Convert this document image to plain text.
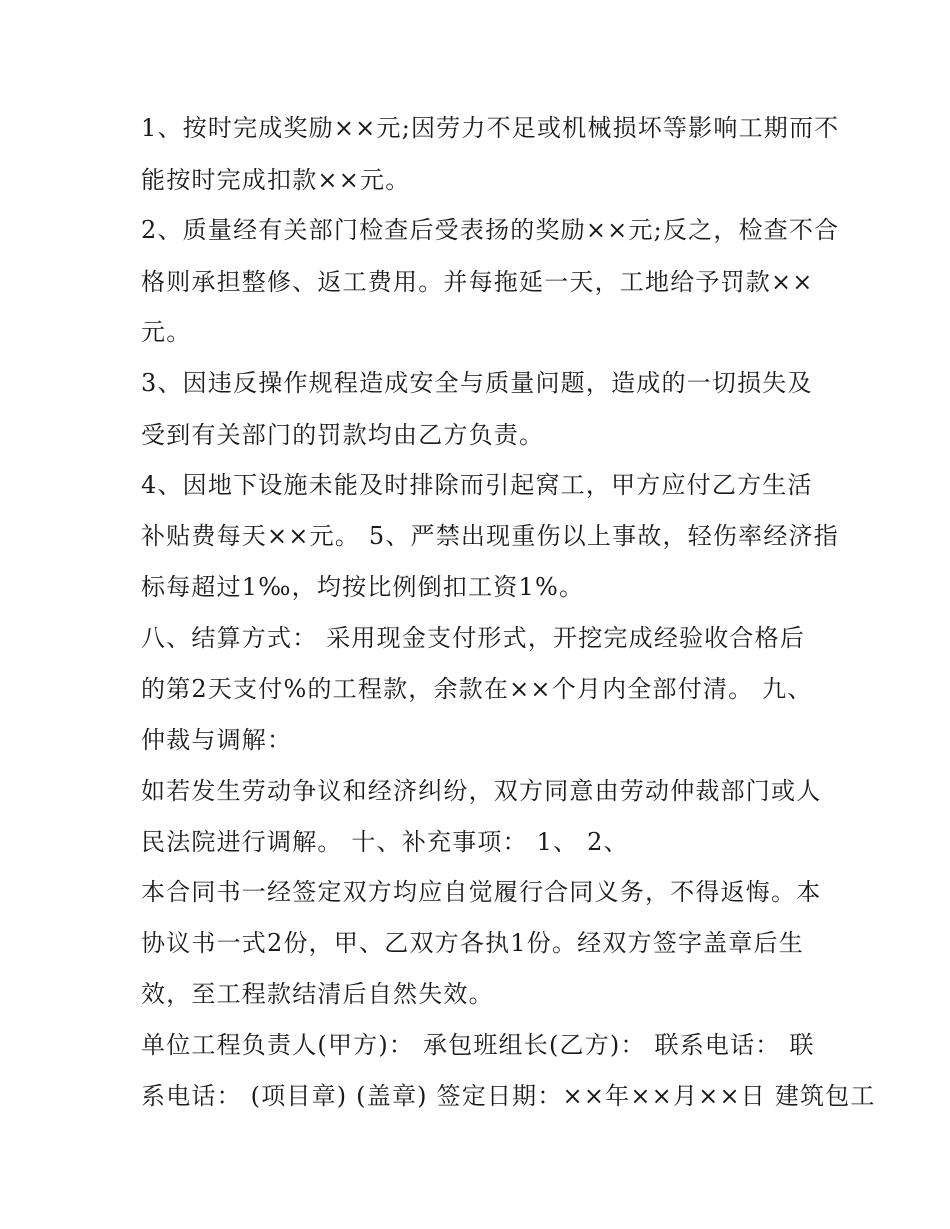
1、按时完成奖励××元;因劳力不足或机械损坏等影响工期而不

能按时完成扣款××元。

2、质量经有关部门检查后受表扬的奖励××元;反之，检查不合

格则承担整修、返工费用。并每拖延一天，工地给予罚款××

元。

3、因违反操作规程造成安全与质量问题，造成的一切损失及

受到有关部门的罚款均由乙方负责。

4、因地下设施未能及时排除而引起窝工，甲方应付乙方生活

补贴费每天××元。 5、严禁出现重伤以上事故，轻伤率经济指

标每超过1‰，均按比例倒扣工资1%。

八、结算方式： 采用现金支付形式，开挖完成经验收合格后

的第2天支付%的工程款，余款在××个月内全部付清。 九、

仲裁与调解：

如若发生劳动争议和经济纠纷，双方同意由劳动仲裁部门或人

民法院进行调解。 十、补充事项： 1、 2、

本合同书一经签定双方均应自觉履行合同义务，不得返悔。本

协议书一式2份，甲、乙双方各执1份。经双方签字盖章后生

效，至工程款结清后自然失效。

单位工程负责人(甲方)： 承包班组长(乙方)： 联系电话： 联

系电话： (项目章) (盖章) 签定日期：××年××月××日 建筑包工
